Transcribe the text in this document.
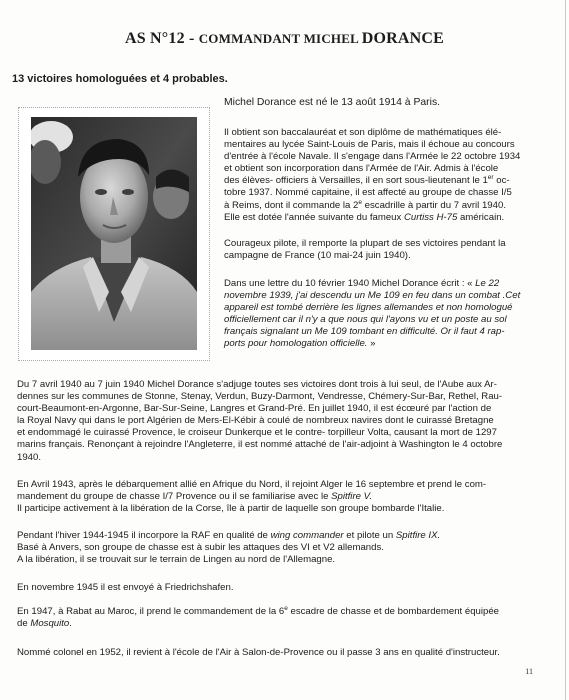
AS N°12 - COMMANDANT MICHEL DORANCE
13 victoires homologuées et 4 probables.
Michel Dorance est né le 13 août 1914 à Paris.
Il obtient son baccalauréat et son diplôme de mathématiques élé-
mentaires au lycée Saint-Louis de Paris, mais il échoue au concours
d'entrée à l'école Navale. Il s'engage dans l'Armée le 22 octobre 1934
et obtient son incorporation dans l'Armée de l'Air. Admis à l'école
des élèves- officiers à Versailles, il en sort sous-lieutenant le 1er oc-
tobre 1937. Nommé capitaine, il est affecté au groupe de chasse I/5
à Reims, dont il commande la 2e escadrille à partir du 7 avril 1940.
Elle est dotée l'année suivante du fameux Curtiss H-75 américain.
Courageux pilote, il remporte la plupart de ses victoires pendant la
campagne de France (10 mai-24 juin 1940).
Dans une lettre du 10 février 1940 Michel Dorance écrit : « Le 22
novembre 1939, j'ai descendu un Me 109 en feu dans un combat .Cet
appareil est tombé derrière les lignes allemandes et non homologué
officiellement car il n'y a que nous qui l'ayons vu et un poste au sol
français signalant un Me 109 tombant en difficulté. Or il faut 4 rap-
ports pour homologation officielle. »
Du 7 avril 1940 au 7 juin 1940 Michel Dorance s'adjuge toutes ses victoires dont trois à lui seul, de l'Aube aux Ar-
dennes sur les communes de Stonne, Stenay, Verdun, Buzy-Darmont, Vendresse, Chémery-Sur-Bar, Rethel, Rau-
court-Beaumont-en-Argonne, Bar-Sur-Seine, Langres et Grand-Pré. En juillet 1940, il est écœuré par l'action de
la Royal Navy qui dans le port Algérien de Mers-El-Kébir à coulé de nombreux navires dont le cuirassé Bretagne
et endommagé le cuirassé Provence, le croiseur Dunkerque et le contre- torpilleur Volta, causant la mort de 1297
marins français. Renonçant à rejoindre l'Angleterre, il est nommé attaché de l'air-adjoint à Washington le 4 octobre
1940.
En Avril 1943, après le débarquement allié en Afrique du Nord, il rejoint Alger le 16 septembre et prend le com-
mandement du groupe de chasse I/7 Provence ou il se familiarise avec le Spitfire V.
Il participe activement à la libération de la Corse, île à partir de laquelle son groupe bombarde l'Italie.
Pendant l'hiver 1944-1945 il incorpore la RAF en qualité de wing commander et pilote un Spitfire IX.
Basé à Anvers, son groupe de chasse est à subir les attaques des VI et V2 allemands.
A la libération, il se trouvait sur le terrain de Lingen au nord de l'Allemagne.
En novembre 1945 il est envoyé à Friedrichshafen.
En 1947, à Rabat au Maroc, il prend le commandement de la 6e escadre de chasse et de bombardement équipée
de Mosquito.
Nommé colonel en 1952, il revient à l'école de l'Air à Salon-de-Provence ou il passe 3 ans en qualité d'instructeur.
11
